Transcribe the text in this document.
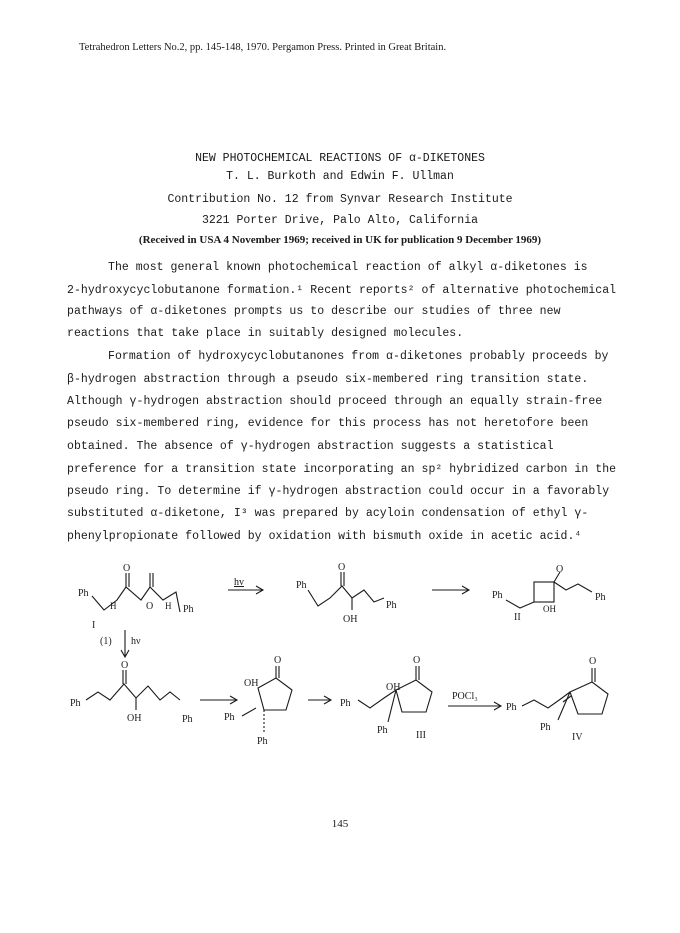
Tetrahedron Letters No.2, pp. 145-148, 1970. Pergamon Press. Printed in Great Britain.
NEW PHOTOCHEMICAL REACTIONS OF α-DIKETONES
T. L. Burkoth and Edwin F. Ullman
Contribution No. 12 from Synvar Research Institute
3221 Porter Drive, Palo Alto, California
(Received in USA 4 November 1969; received in UK for publication 9 December 1969)
The most general known photochemical reaction of alkyl α-diketones is
2-hydroxycyclobutanone formation.¹ Recent reports² of alternative photochemical
pathways of α-diketones prompts us to describe our studies of three new
reactions that take place in suitably designed molecules.
Formation of hydroxycyclobutanones from α-diketones probably proceeds by
β-hydrogen abstraction through a pseudo six-membered ring transition state.
Although γ-hydrogen abstraction should proceed through an equally strain-free
pseudo six-membered ring, evidence for this process has not heretofore been
obtained. The absence of γ-hydrogen abstraction suggests a statistical
preference for a transition state incorporating an sp² hybridized carbon in the
pseudo ring. To determine if γ-hydrogen abstraction could occur in a favorably
substituted α-diketone, I³ was prepared by acyloin condensation of ethyl γ-
phenylpropionate followed by oxidation with bismuth oxide in acetic acid.⁴
Ph
O
O
H	H Ph
I
(1) hν
hv	Ph
O
OH
Ph
O
Ph	Ph
OH
II
Ph
O
OH	Ph
OH
O
Ph
Ph
Ph
OH
O
Ph	III
POCl₃
Ph
O
Ph
IV
145
